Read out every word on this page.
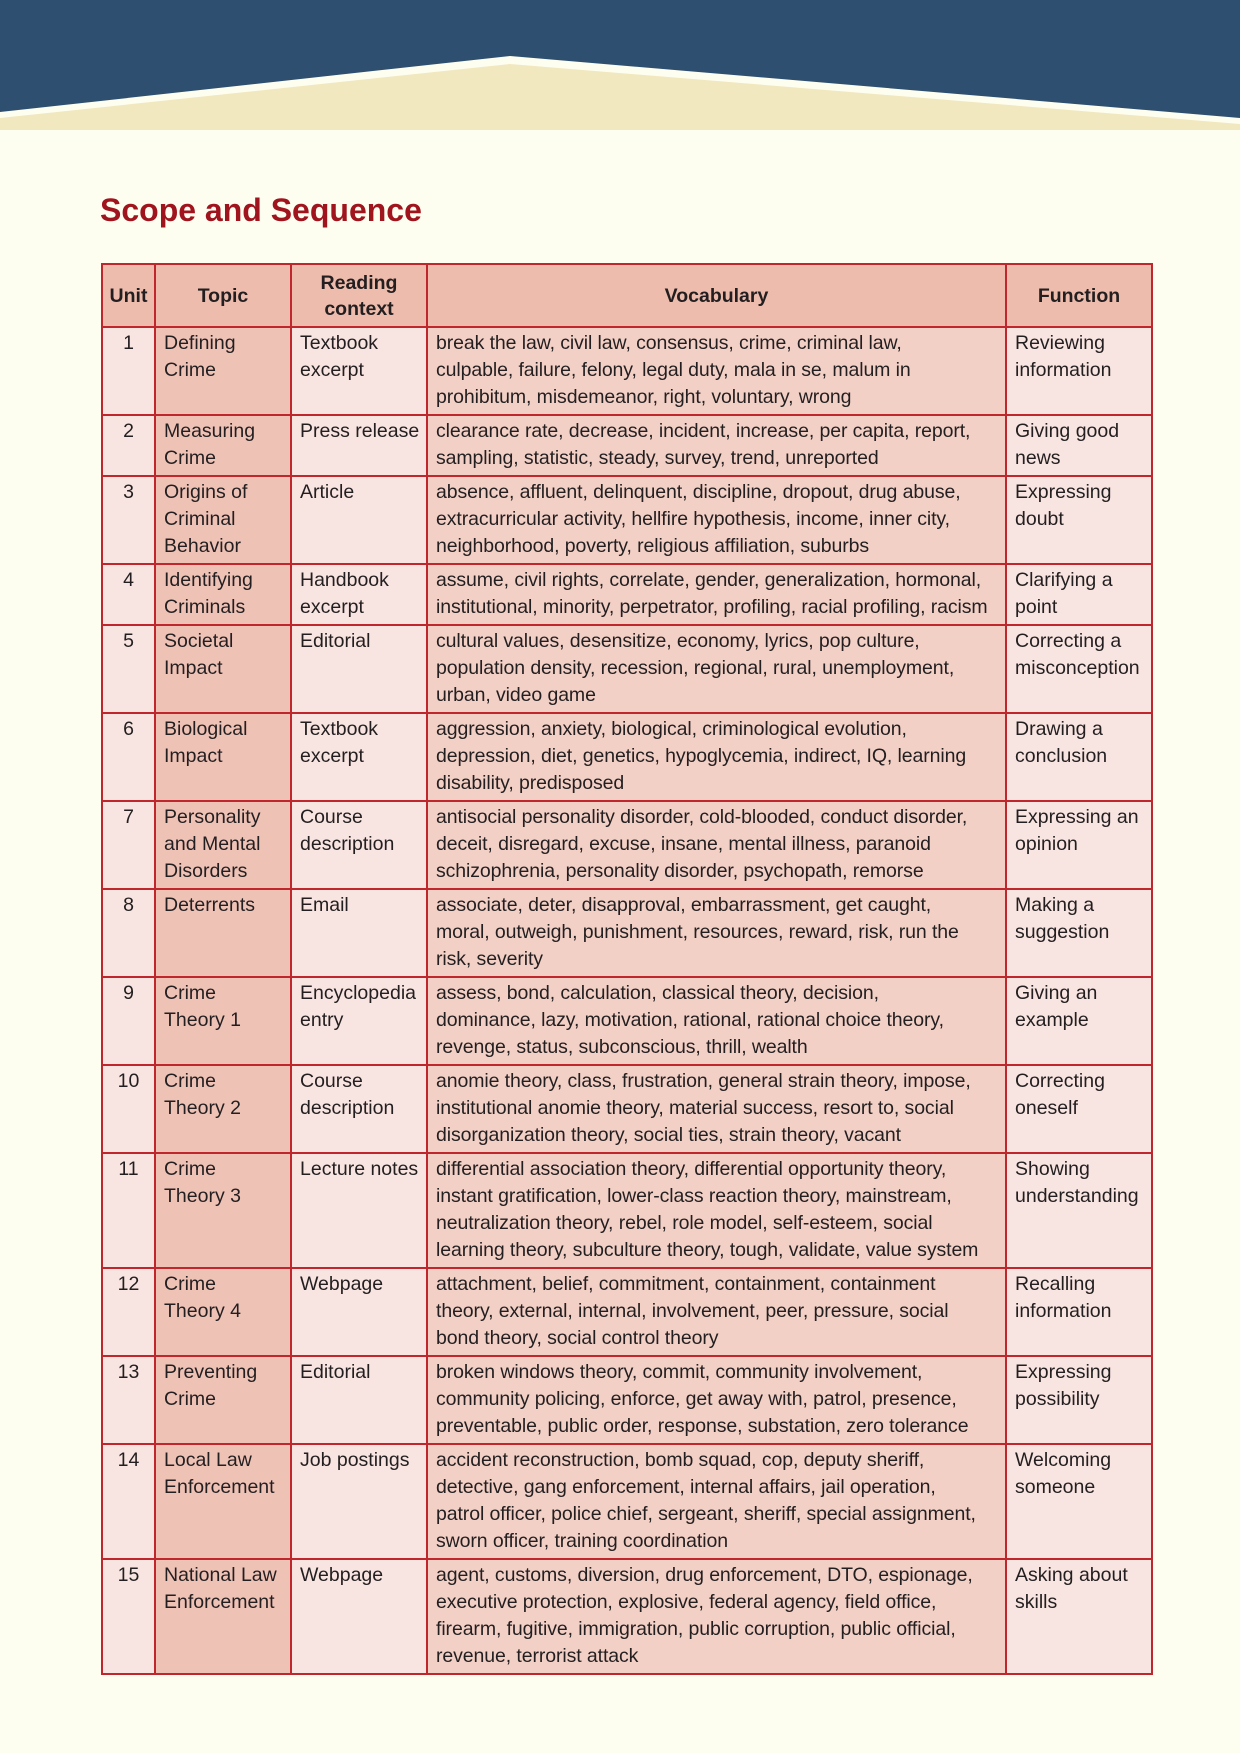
Scope and Sequence
Unit	Topic	Reading
context	Vocabulary	Function
1	Defining
Crime	Textbook
excerpt	break the law, civil law, consensus, crime, criminal law,
culpable, failure, felony, legal duty, mala in se, malum in
prohibitum, misdemeanor, right, voluntary, wrong	Reviewing
information

2	Measuring
Crime	Press release	clearance rate, decrease, incident, increase, per capita, report,
sampling, statistic, steady, survey, trend, unreported	Giving good
news

3	Origins of
Criminal
Behavior	Article	absence, affluent, delinquent, discipline, dropout, drug abuse,
extracurricular activity, hellfire hypothesis, income, inner city,
neighborhood, poverty, religious affiliation, suburbs	Expressing
doubt

4	Identifying
Criminals	Handbook
excerpt	assume, civil rights, correlate, gender, generalization, hormonal,
institutional, minority, perpetrator, profiling, racial profiling, racism	Clarifying a
point

5	Societal
Impact	Editorial	cultural values, desensitize, economy, lyrics, pop culture,
population density, recession, regional, rural, unemployment,
urban, video game	Correcting a
misconception

6	Biological
Impact	Textbook
excerpt	aggression, anxiety, biological, criminological evolution,
depression, diet, genetics, hypoglycemia, indirect, IQ, learning
disability, predisposed	Drawing a
conclusion

7	Personality
and Mental
Disorders	Course
description	antisocial personality disorder, cold-blooded, conduct disorder,
deceit, disregard, excuse, insane, mental illness, paranoid
schizophrenia, personality disorder, psychopath, remorse	Expressing an
opinion

8	Deterrents	Email	associate, deter, disapproval, embarrassment, get caught,
moral, outweigh, punishment, resources, reward, risk, run the
risk, severity	Making a
suggestion

9	Crime
Theory 1	Encyclopedia
entry	assess, bond, calculation, classical theory, decision,
dominance, lazy, motivation, rational, rational choice theory,
revenge, status, subconscious, thrill, wealth	Giving an
example

10	Crime
Theory 2	Course
description	anomie theory, class, frustration, general strain theory, impose,
institutional anomie theory, material success, resort to, social
disorganization theory, social ties, strain theory, vacant	Correcting
oneself

11	Crime
Theory 3	Lecture notes	differential association theory, differential opportunity theory,
instant gratification, lower-class reaction theory, mainstream,
neutralization theory, rebel, role model, self-esteem, social
learning theory, subculture theory, tough, validate, value system	Showing
understanding

12	Crime
Theory 4	Webpage	attachment, belief, commitment, containment, containment
theory, external, internal, involvement, peer, pressure, social
bond theory, social control theory	Recalling
information

13	Preventing
Crime	Editorial	broken windows theory, commit, community involvement,
community policing, enforce, get away with, patrol, presence,
preventable, public order, response, substation, zero tolerance	Expressing
possibility

14	Local Law
Enforcement	Job postings	accident reconstruction, bomb squad, cop, deputy sheriff,
detective, gang enforcement, internal affairs, jail operation,
patrol officer, police chief, sergeant, sheriff, special assignment,
sworn officer, training coordination	Welcoming
someone

15	National Law
Enforcement	Webpage	agent, customs, diversion, drug enforcement, DTO, espionage,
executive protection, explosive, federal agency, field office,
firearm, fugitive, immigration, public corruption, public official,
revenue, terrorist attack	Asking about
skills
